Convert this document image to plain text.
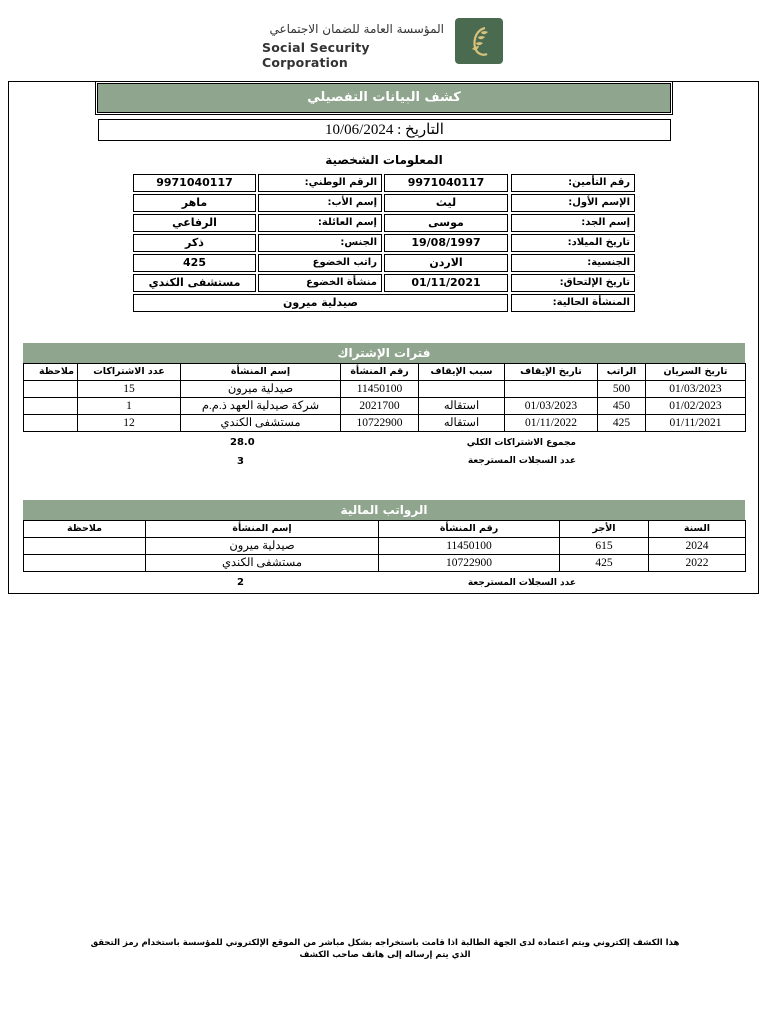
المؤسسة العامة للضمان الاجتماعي
Social Security Corporation
كشف البيانات التفصيلي
التاريخ : 10/06/2024
المعلومات الشخصية
رقم التأمين:
9971040117
الرقم الوطني:
9971040117
الإسم الأول:
ليث
إسم الأب:
ماهر
إسم الجد:
موسى
إسم العائلة:
الرفاعي
تاريخ الميلاد:
19/08/1997
الجنس:
ذكر
الجنسية:
الاردن
راتب الخضوع
425
تاريخ الإلتحاق:
01/11/2021
منشأة الخضوع
مستشفى الكندي
المنشأة الحالية:
صيدلية ميرون
فترات الإشتراك
تاريخ السريان	الراتب	تاريخ الإيقاف	سبب الإيقاف	رقم المنشأة	إسم المنشأة	عدد الاشتراكات	ملاحظة
01/03/2023	500			11450100	صيدلية ميرون	15	
01/02/2023	450	01/03/2023	استقاله	2021700	شركة صيدلية العهد ذ.م.م	1	
01/11/2021	425	01/11/2022	استقاله	10722900	مستشفى الكندي	12	
مجموع الاشتراكات الكلي
28.0
عدد السجلات المسترجعة
3
الرواتب المالية
السنة	الأجر	رقم المنشأة	إسم المنشأة	ملاحظة
2024	615	11450100	صيدلية ميرون	
2022	425	10722900	مستشفى الكندي	
عدد السجلات المسترجعة
2
هذا الكشف إلكتروني ويتم اعتماده لدى الجهة الطالبة اذا قامت باستخراجه بشكل مباشر من الموقع الإلكتروني للمؤسسة باستخدام رمز التحقق الذي يتم إرساله إلى هاتف صاحب الكشف
